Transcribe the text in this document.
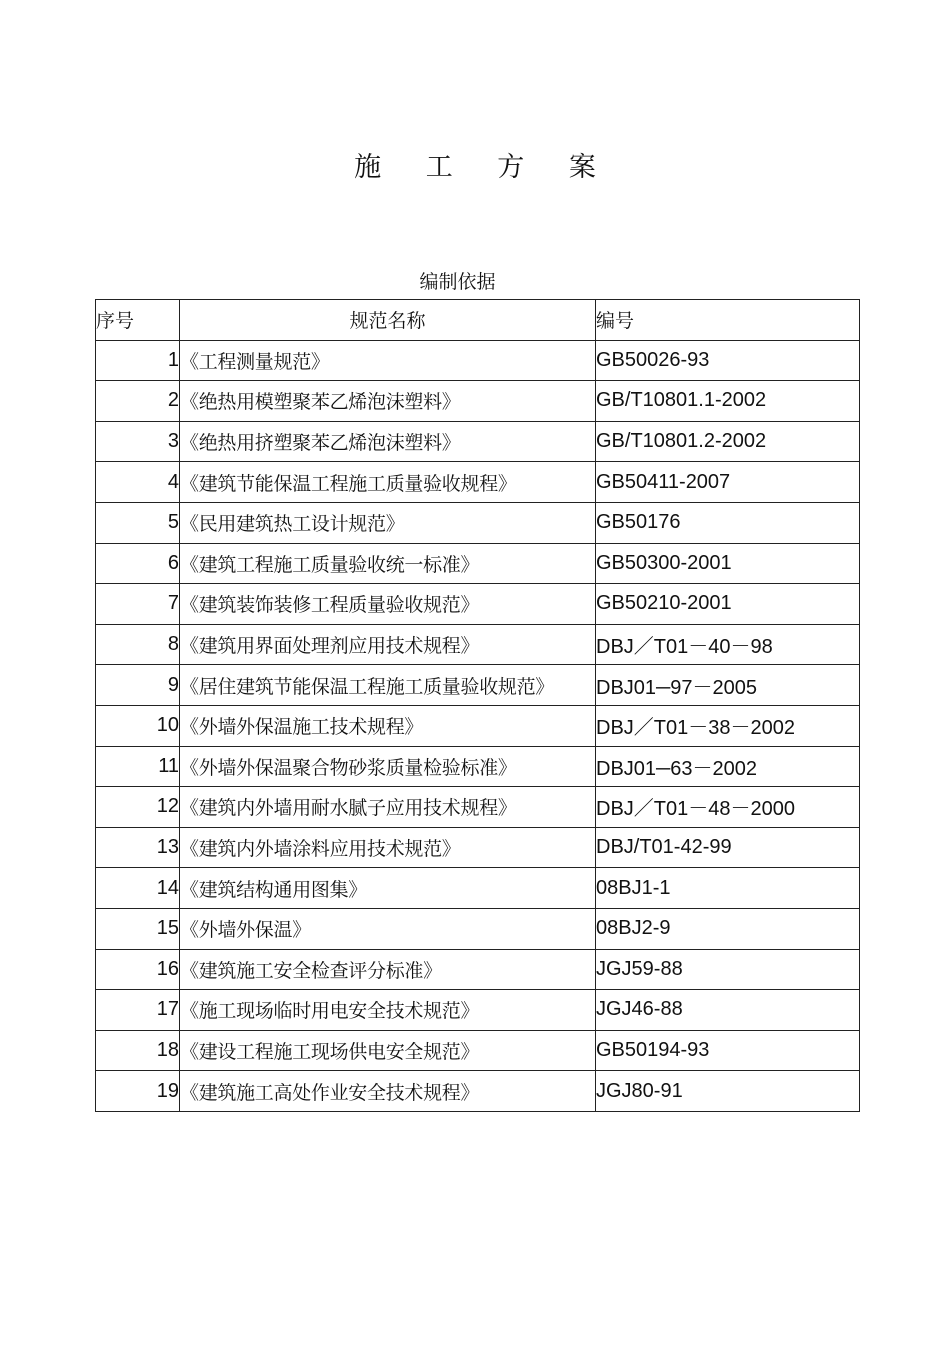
施 工 方 案
编制依据
序号	规范名称	编号
1	《工程测量规范》	GB50026-93
2	《绝热用模塑聚苯乙烯泡沫塑料》	GB/T10801.1-2002
3	《绝热用挤塑聚苯乙烯泡沫塑料》	GB/T10801.2-2002
4	《建筑节能保温工程施工质量验收规程》	GB50411-2007
5	《民用建筑热工设计规范》	GB50176
6	《建筑工程施工质量验收统一标准》	GB50300-2001
7	《建筑装饰装修工程质量验收规范》	GB50210-2001
8	《建筑用界面处理剂应用技术规程》	DBJ／T01－40－98
9	《居住建筑节能保温工程施工质量验收规范》	DBJ01─97－2005
10	《外墙外保温施工技术规程》	DBJ／T01－38－2002
11	《外墙外保温聚合物砂浆质量检验标准》	DBJ01─63－2002
12	《建筑内外墙用耐水腻子应用技术规程》	DBJ／T01－48－2000
13	《建筑内外墙涂料应用技术规范》	DBJ/T01-42-99
14	《建筑结构通用图集》	08BJ1-1
15	《外墙外保温》	08BJ2-9
16	《建筑施工安全检查评分标准》	JGJ59-88
17	《施工现场临时用电安全技术规范》	JGJ46-88
18	《建设工程施工现场供电安全规范》	GB50194-93
19	《建筑施工高处作业安全技术规程》	JGJ80-91
